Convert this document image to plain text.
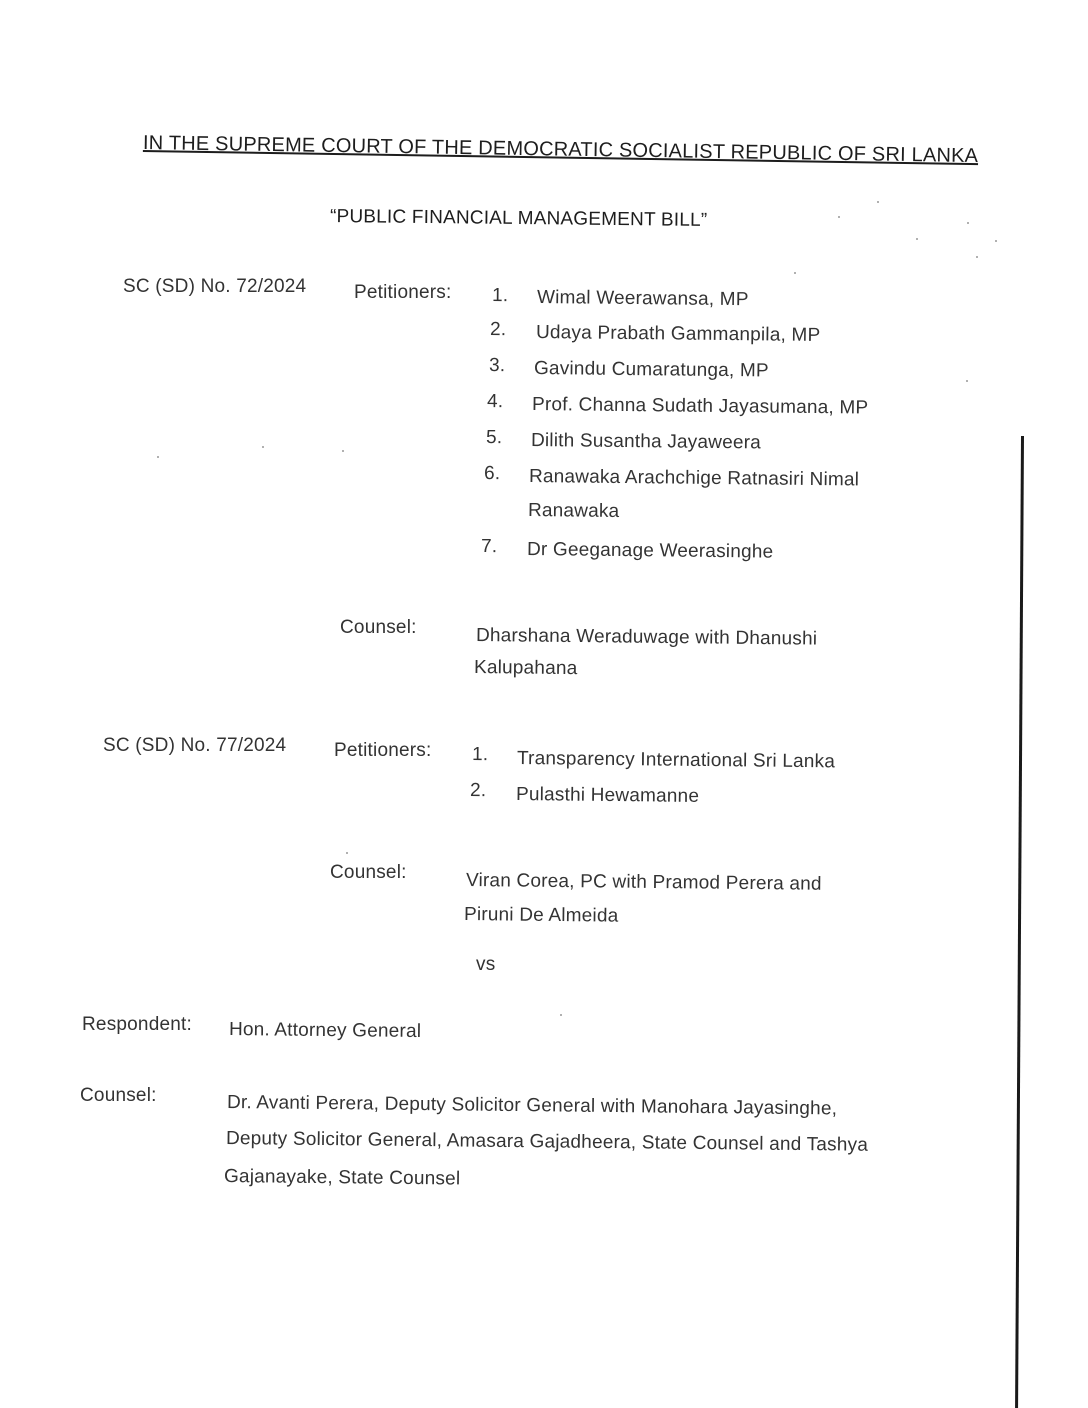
IN THE SUPREME COURT OF THE DEMOCRATIC SOCIALIST REPUBLIC OF SRI LANKA
“PUBLIC FINANCIAL MANAGEMENT BILL”
SC (SD) No. 72/2024	Petitioners: 1. Wimal Weerawansa, MP
2. Udaya Prabath Gammanpila, MP
3. Gavindu Cumaratunga, MP
4. Prof. Channa Sudath Jayasumana, MP
5. Dilith Susantha Jayaweera
6. Ranawaka Arachchige Ratnasiri Nimal
Ranawaka
7. Dr Geeganage Weerasinghe
Counsel:	Dharshana Weraduwage with Dhanushi
Kalupahana
SC (SD) No. 77/2024	Petitioners: 1. Transparency International Sri Lanka
2. Pulasthi Hewamanne
Counsel:	Viran Corea, PC with Pramod Perera and
Piruni De Almeida
vs
Respondent: Hon. Attorney General
Counsel:	Dr. Avanti Perera, Deputy Solicitor General with Manohara Jayasinghe,
Deputy Solicitor General, Amasara Gajadheera, State Counsel and Tashya
Gajanayake, State Counsel
